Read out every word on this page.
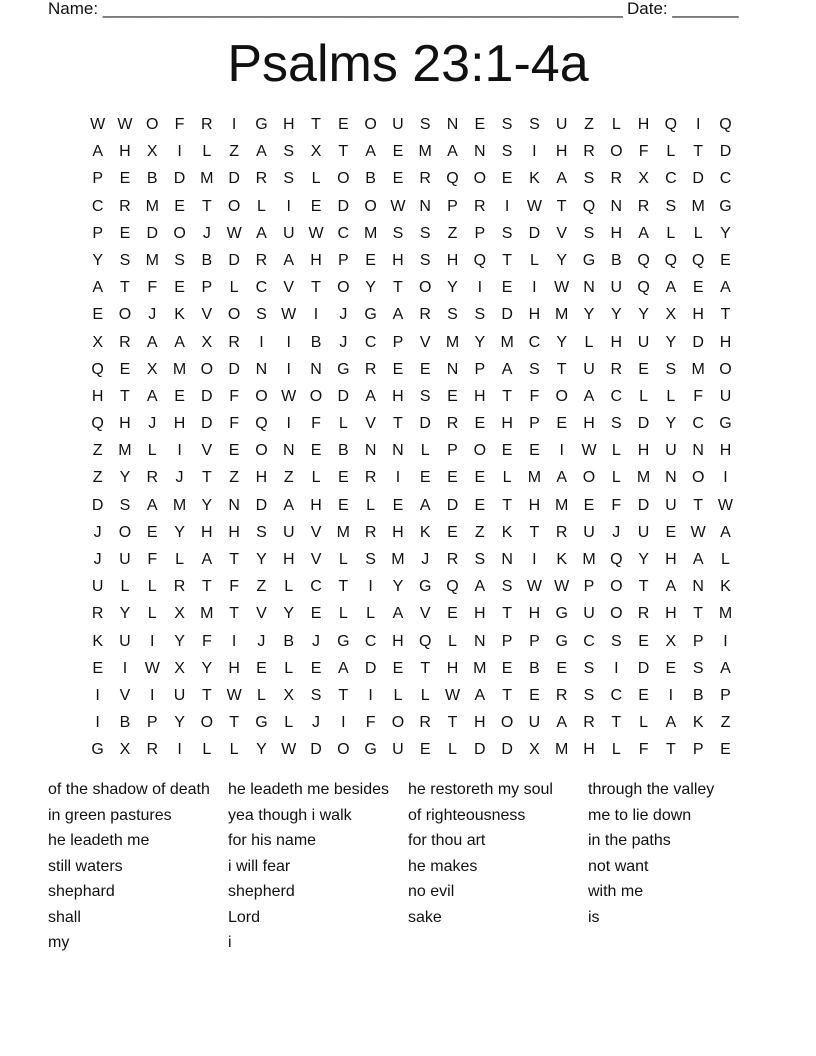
Name: _______________________________________________________ Date: _______
Psalms 23:1-4a
W W O	F	R	I	G H	T	E O U	S	N	E	S	S	U	Z	L	H Q	I	Q
A	H	X	I	L	Z	A	S	X	T	A	E M A	N	S	I	H R O	F	L	T	D
P	E	B	D M D R	S	L	O B	E	R Q O E	K	A	S	R	X	C D C
C R M E	T	O	L	I	E	D O W N	P	R	I	W T	Q N R	S M G
P	E	D O	J W A	U W C M S	S	Z	P	S	D	V	S	H	A	L	L	Y
Y	S M S	B	D R	A	H	P	E	H	S	H Q	T	L	Y G B Q Q Q E
A	T	F	E	P	L	C	V	T	O Y	T	O Y	I	E	I	W N U Q A	E	A
E O	J	K	V O S W	I	J	G A	R	S	S	D H M Y	Y	Y	X	H	T
X	R	A	A	X	R	I	I	B	J	C	P	V M Y M C	Y	L	H U	Y	D H
Q E	X M O D N	I	N G R	E	E	N	P	A	S	T	U R	E	S M O
H	T	A	E	D	F	O W O D	A	H	S	E	H	T	F	O A	C	L	L	F	U
Q H	J	H D	F	Q	I	F	L	V	T	D R	E	H	P	E	H	S	D	Y	C G
Z M	L	I	V	E O N	E	B	N N	L	P O E	E	I	W L	H U N H
Z	Y	R	J	T	Z	H	Z	L	E	R	I	E	E	E	L	M A O	L	M N O	I
D	S	A M Y	N D	A	H	E	L	E	A	D	E	T	H M E	F	D U	T W
J	O E	Y	H H	S	U	V M R H	K	E	Z	K	T	R U	J	U	E W A
J	U	F	L	A	T	Y	H	V	L	S M	J	R	S	N	I	K M Q Y	H	A	L
U	L	L	R	T	F	Z	L	C	T	I	Y G Q A	S W W P O	T	A	N	K
R	Y	L	X M T	V	Y	E	L	L	A	V	E	H	T	H G U O R H	T M
K	U	I	Y	F	I	J	B	J	G C H Q	L	N	P	P G C	S	E	X	P	I
E	I	W X	Y	H	E	L	E	A	D	E	T	H M E	B	E	S	I	D	E	S	A
I	V	I	U	T W L	X	S	T	I	L	L W A	T	E	R	S	C	E	I	B	P
I	B	P	Y O	T	G	L	J	I	F	O R	T	H O U	A	R	T	L	A	K	Z
G X	R	I	L	L	Y W D O G U	E	L	D D	X M H	L	F	T	P	E
of the shadow of death
in green pastures
he leadeth me
still waters
shephard
shall
my
he leadeth me besides
yea though i walk
for his name
i will fear
shepherd
Lord
i
he restoreth my soul
of righteousness
for thou art
he makes
no evil
sake
through the valley
me to lie down
in the paths
not want
with me
is
